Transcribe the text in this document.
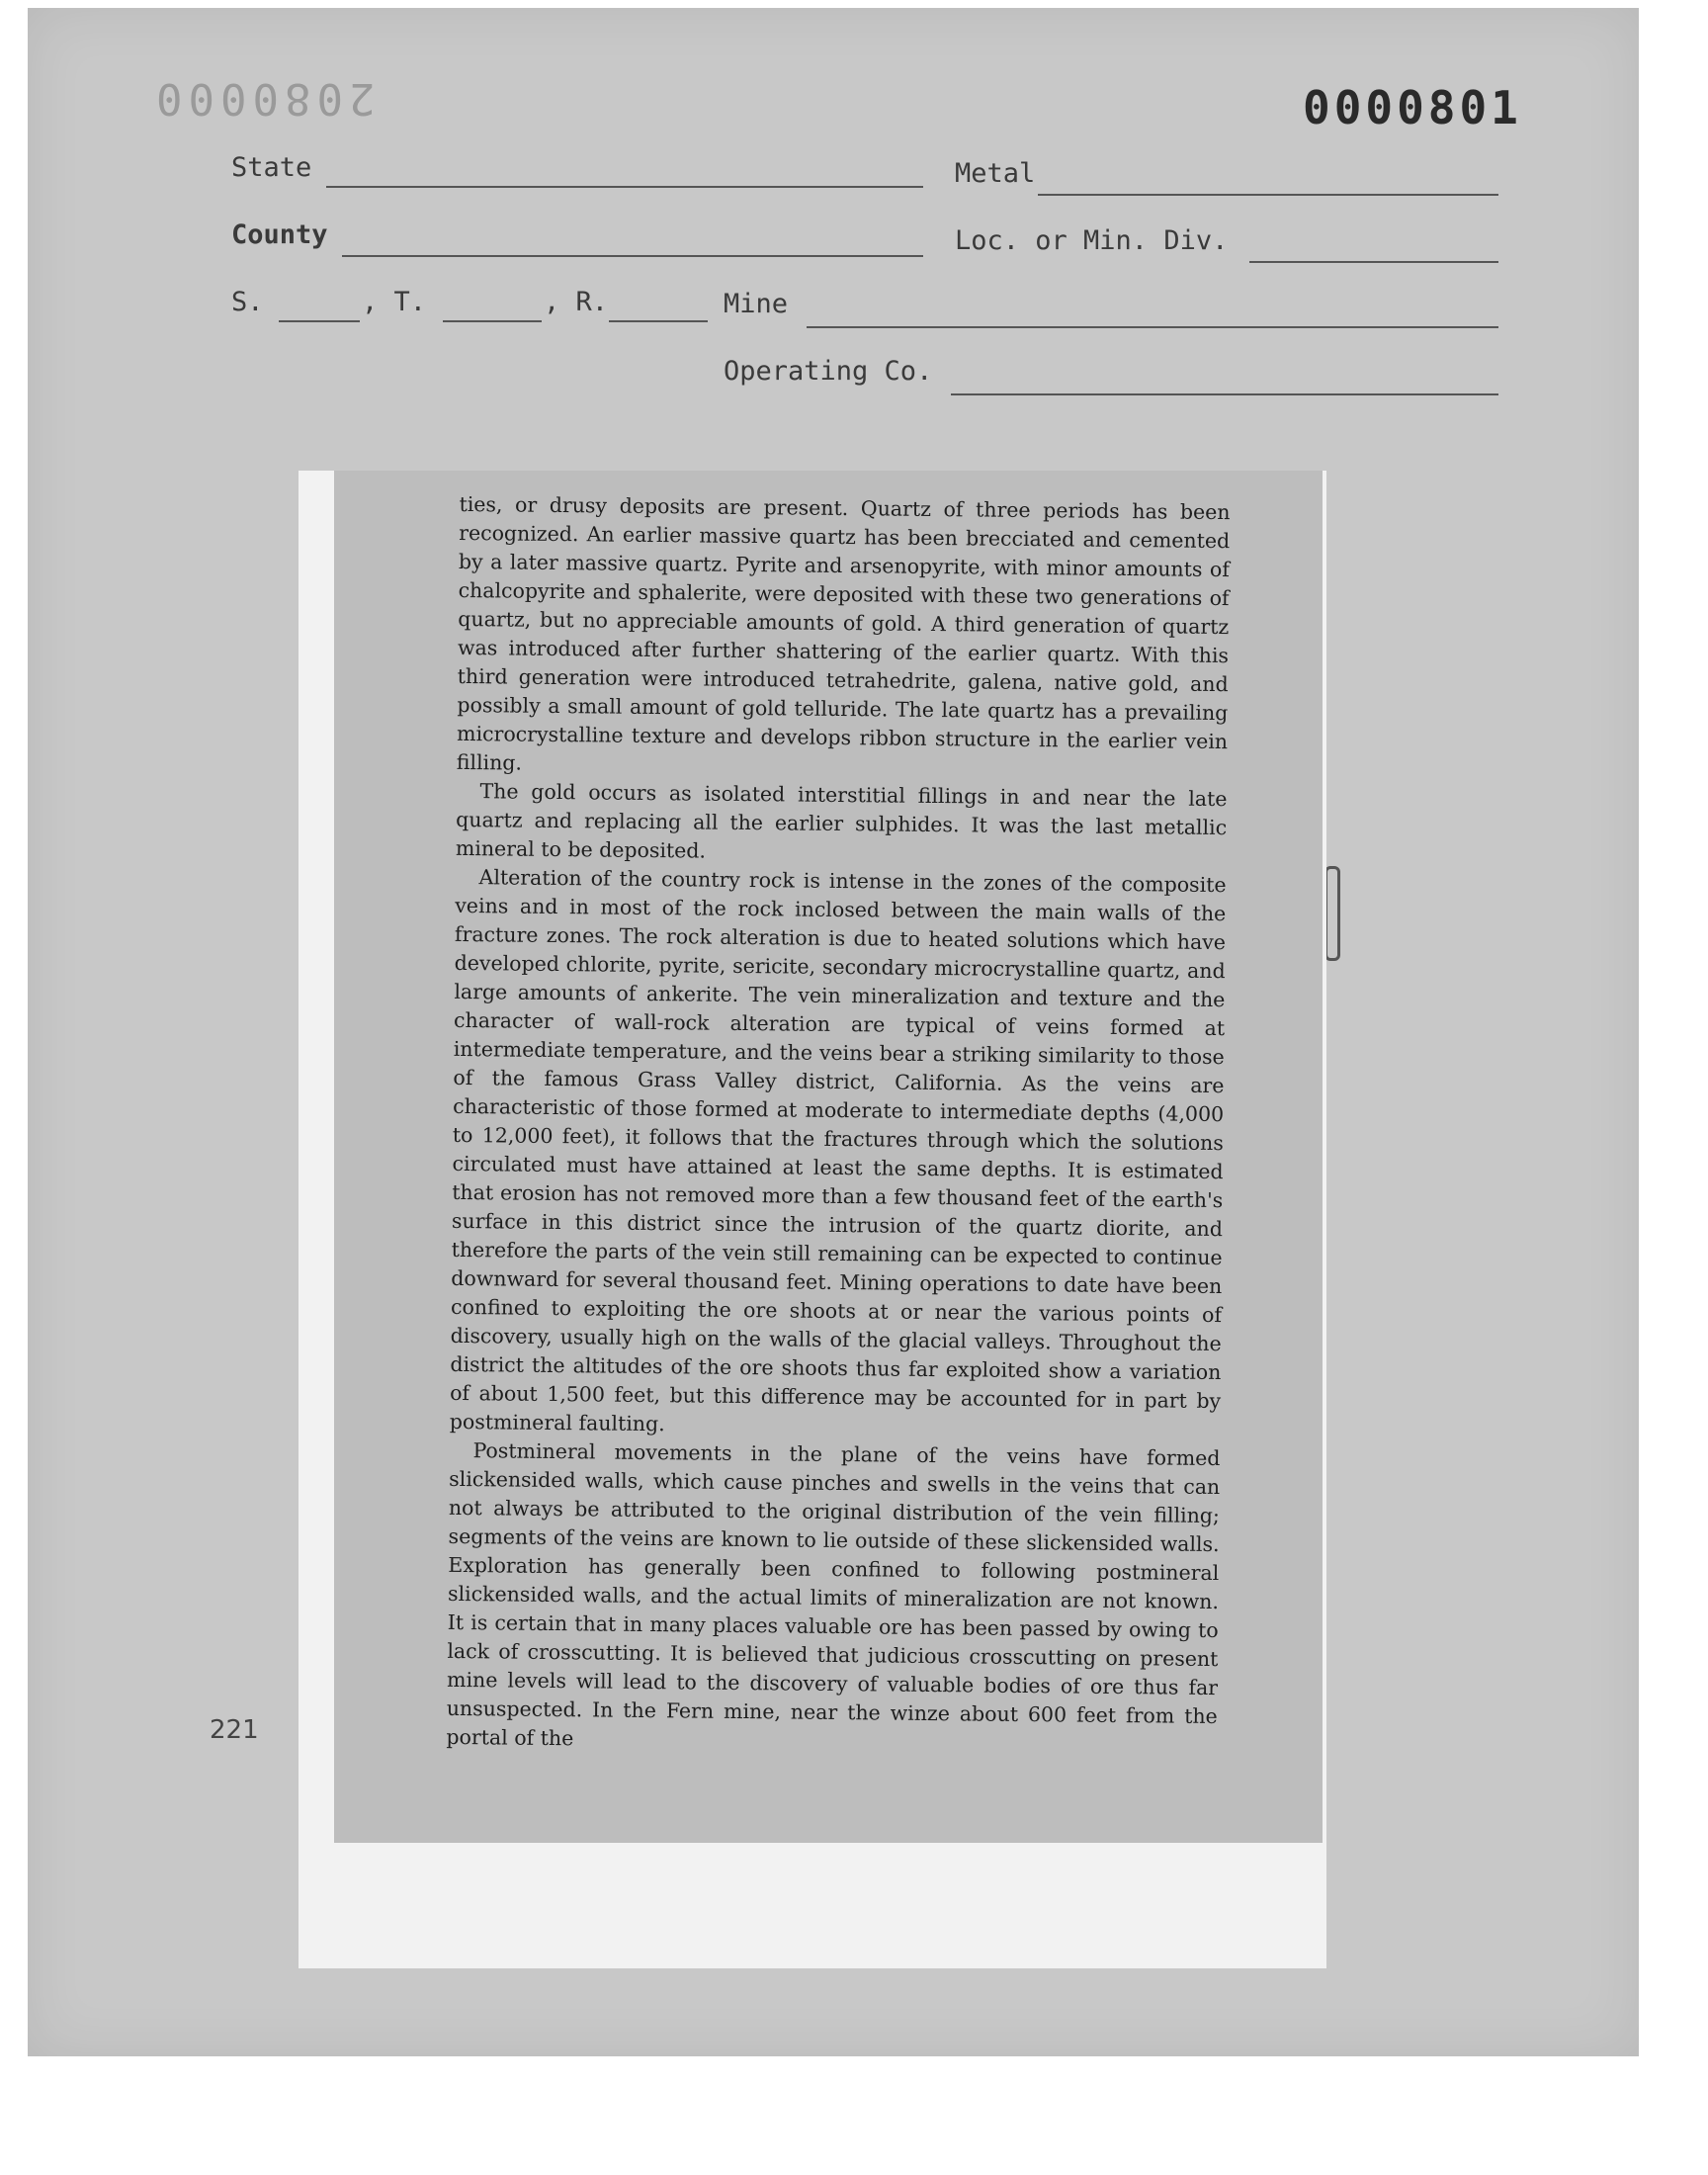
2080000	0000801
State	Metal
County	Loc. or Min. Div.
S.	, T.	, R.	Mine
Operating Co.
221

ties, or drusy deposits are present. Quartz of three periods has been recognized. An earlier massive quartz has been brecciated and cemented by a later massive quartz. Pyrite and arsenopyrite, with minor amounts of chalcopyrite and sphalerite, were deposited with these two generations of quartz, but no appreciable amounts of gold. A third generation of quartz was introduced after further shattering of the earlier quartz. With this third generation were introduced tetrahedrite, galena, native gold, and possibly a small amount of gold telluride. The late quartz has a prevailing microcrystalline texture and develops ribbon structure in the earlier vein filling.

The gold occurs as isolated interstitial fillings in and near the late quartz and replacing all the earlier sulphides. It was the last metallic mineral to be deposited.

Alteration of the country rock is intense in the zones of the composite veins and in most of the rock inclosed between the main walls of the fracture zones. The rock alteration is due to heated solutions which have developed chlorite, pyrite, sericite, secondary microcrystalline quartz, and large amounts of ankerite. The vein mineralization and texture and the character of wall-rock alteration are typical of veins formed at intermediate temperature, and the veins bear a striking similarity to those of the famous Grass Valley district, California. As the veins are characteristic of those formed at moderate to intermediate depths (4,000 to 12,000 feet), it follows that the fractures through which the solutions circulated must have attained at least the same depths. It is estimated that erosion has not removed more than a few thousand feet of the earth's surface in this district since the intrusion of the quartz diorite, and therefore the parts of the vein still remaining can be expected to continue downward for several thousand feet. Mining operations to date have been confined to exploiting the ore shoots at or near the various points of discovery, usually high on the walls of the glacial valleys. Throughout the district the altitudes of the ore shoots thus far exploited show a variation of about 1,500 feet, but this difference may be accounted for in part by postmineral faulting.

Postmineral movements in the plane of the veins have formed slickensided walls, which cause pinches and swells in the veins that can not always be attributed to the original distribution of the vein filling; segments of the veins are known to lie outside of these slickensided walls. Exploration has generally been confined to following postmineral slickensided walls, and the actual limits of mineralization are not known. It is certain that in many places valuable ore has been passed by owing to lack of crosscutting. It is believed that judicious crosscutting on present mine levels will lead to the discovery of valuable bodies of ore thus far unsuspected. In the Fern mine, near the winze about 600 feet from the portal of the
